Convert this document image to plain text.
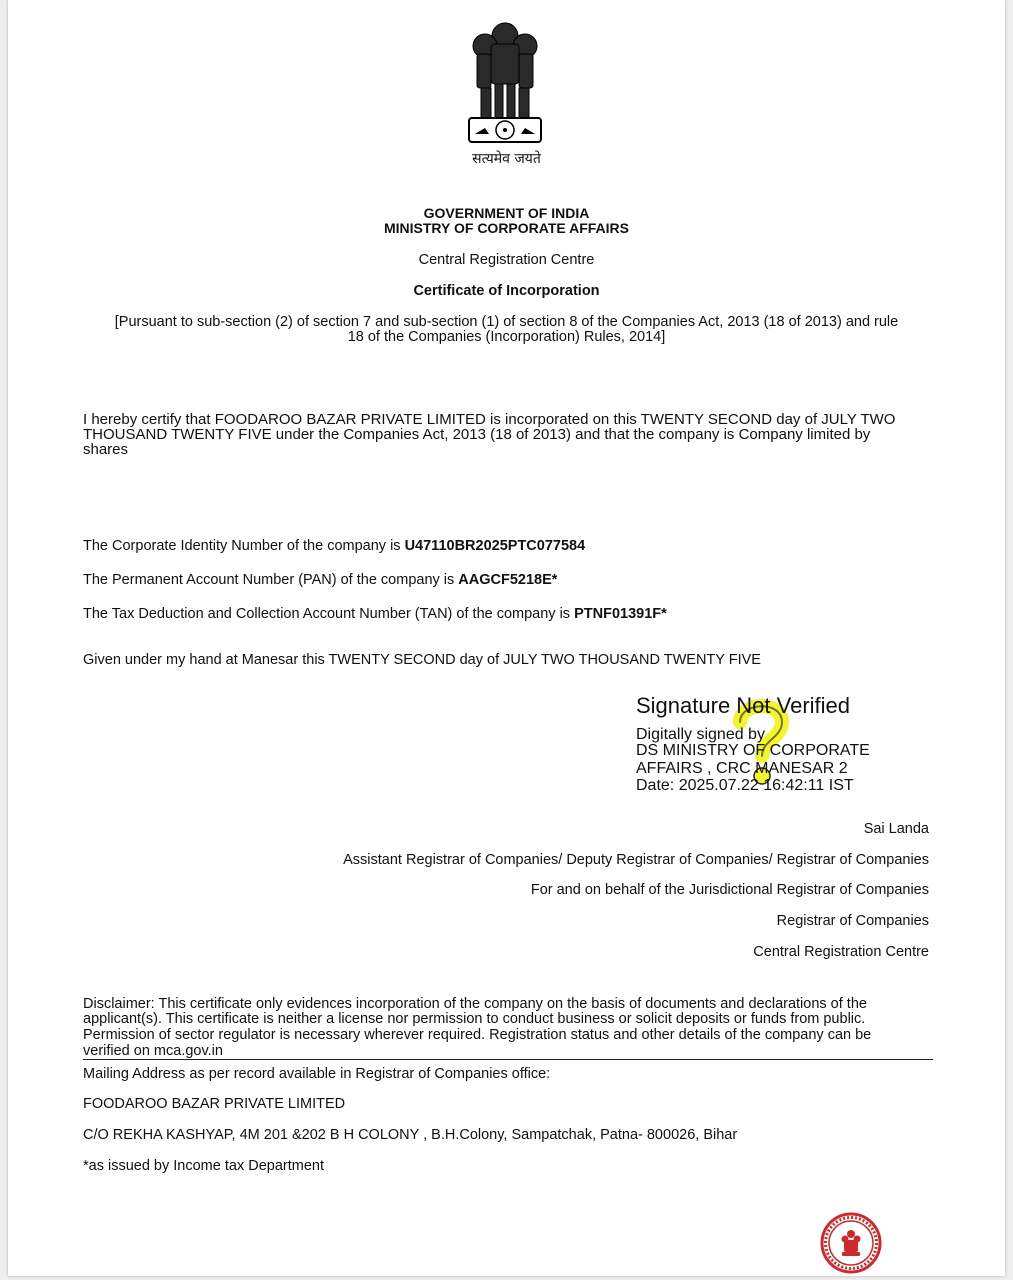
सत्यमेव जयते
GOVERNMENT OF INDIA
MINISTRY OF CORPORATE AFFAIRS
Central Registration Centre
Certificate of Incorporation
[Pursuant to sub-section (2) of section 7 and sub-section (1) of section 8 of the Companies Act, 2013 (18 of 2013) and rule
18 of the Companies (Incorporation) Rules, 2014]
I hereby certify that FOODAROO BAZAR PRIVATE LIMITED is incorporated on this TWENTY SECOND day of JULY TWO
THOUSAND TWENTY FIVE under the Companies Act, 2013 (18 of 2013) and that the company is Company limited by
shares
The Corporate Identity Number of the company is U47110BR2025PTC077584
The Permanent Account Number (PAN) of the company is AAGCF5218E*
The Tax Deduction and Collection Account Number (TAN) of the company is PTNF01391F*
Given under my hand at Manesar this TWENTY SECOND day of JULY TWO THOUSAND TWENTY FIVE
Signature Not Verified
Digitally signed by
DS MINISTRY OF CORPORATE
AFFAIRS , CRC MANESAR 2
Date: 2025.07.22 16:42:11 IST
Sai Landa
Assistant Registrar of Companies/ Deputy Registrar of Companies/ Registrar of Companies
For and on behalf of the Jurisdictional Registrar of Companies
Registrar of Companies
Central Registration Centre
Disclaimer: This certificate only evidences incorporation of the company on the basis of documents and declarations of the
applicant(s). This certificate is neither a license nor permission to conduct business or solicit deposits or funds from public.
Permission of sector regulator is necessary wherever required. Registration status and other details of the company can be
verified on mca.gov.in
Mailing Address as per record available in Registrar of Companies office:
FOODAROO BAZAR PRIVATE LIMITED
C/O REKHA KASHYAP, 4M 201 &202 B H COLONY , B.H.Colony, Sampatchak, Patna- 800026, Bihar
*as issued by Income tax Department
